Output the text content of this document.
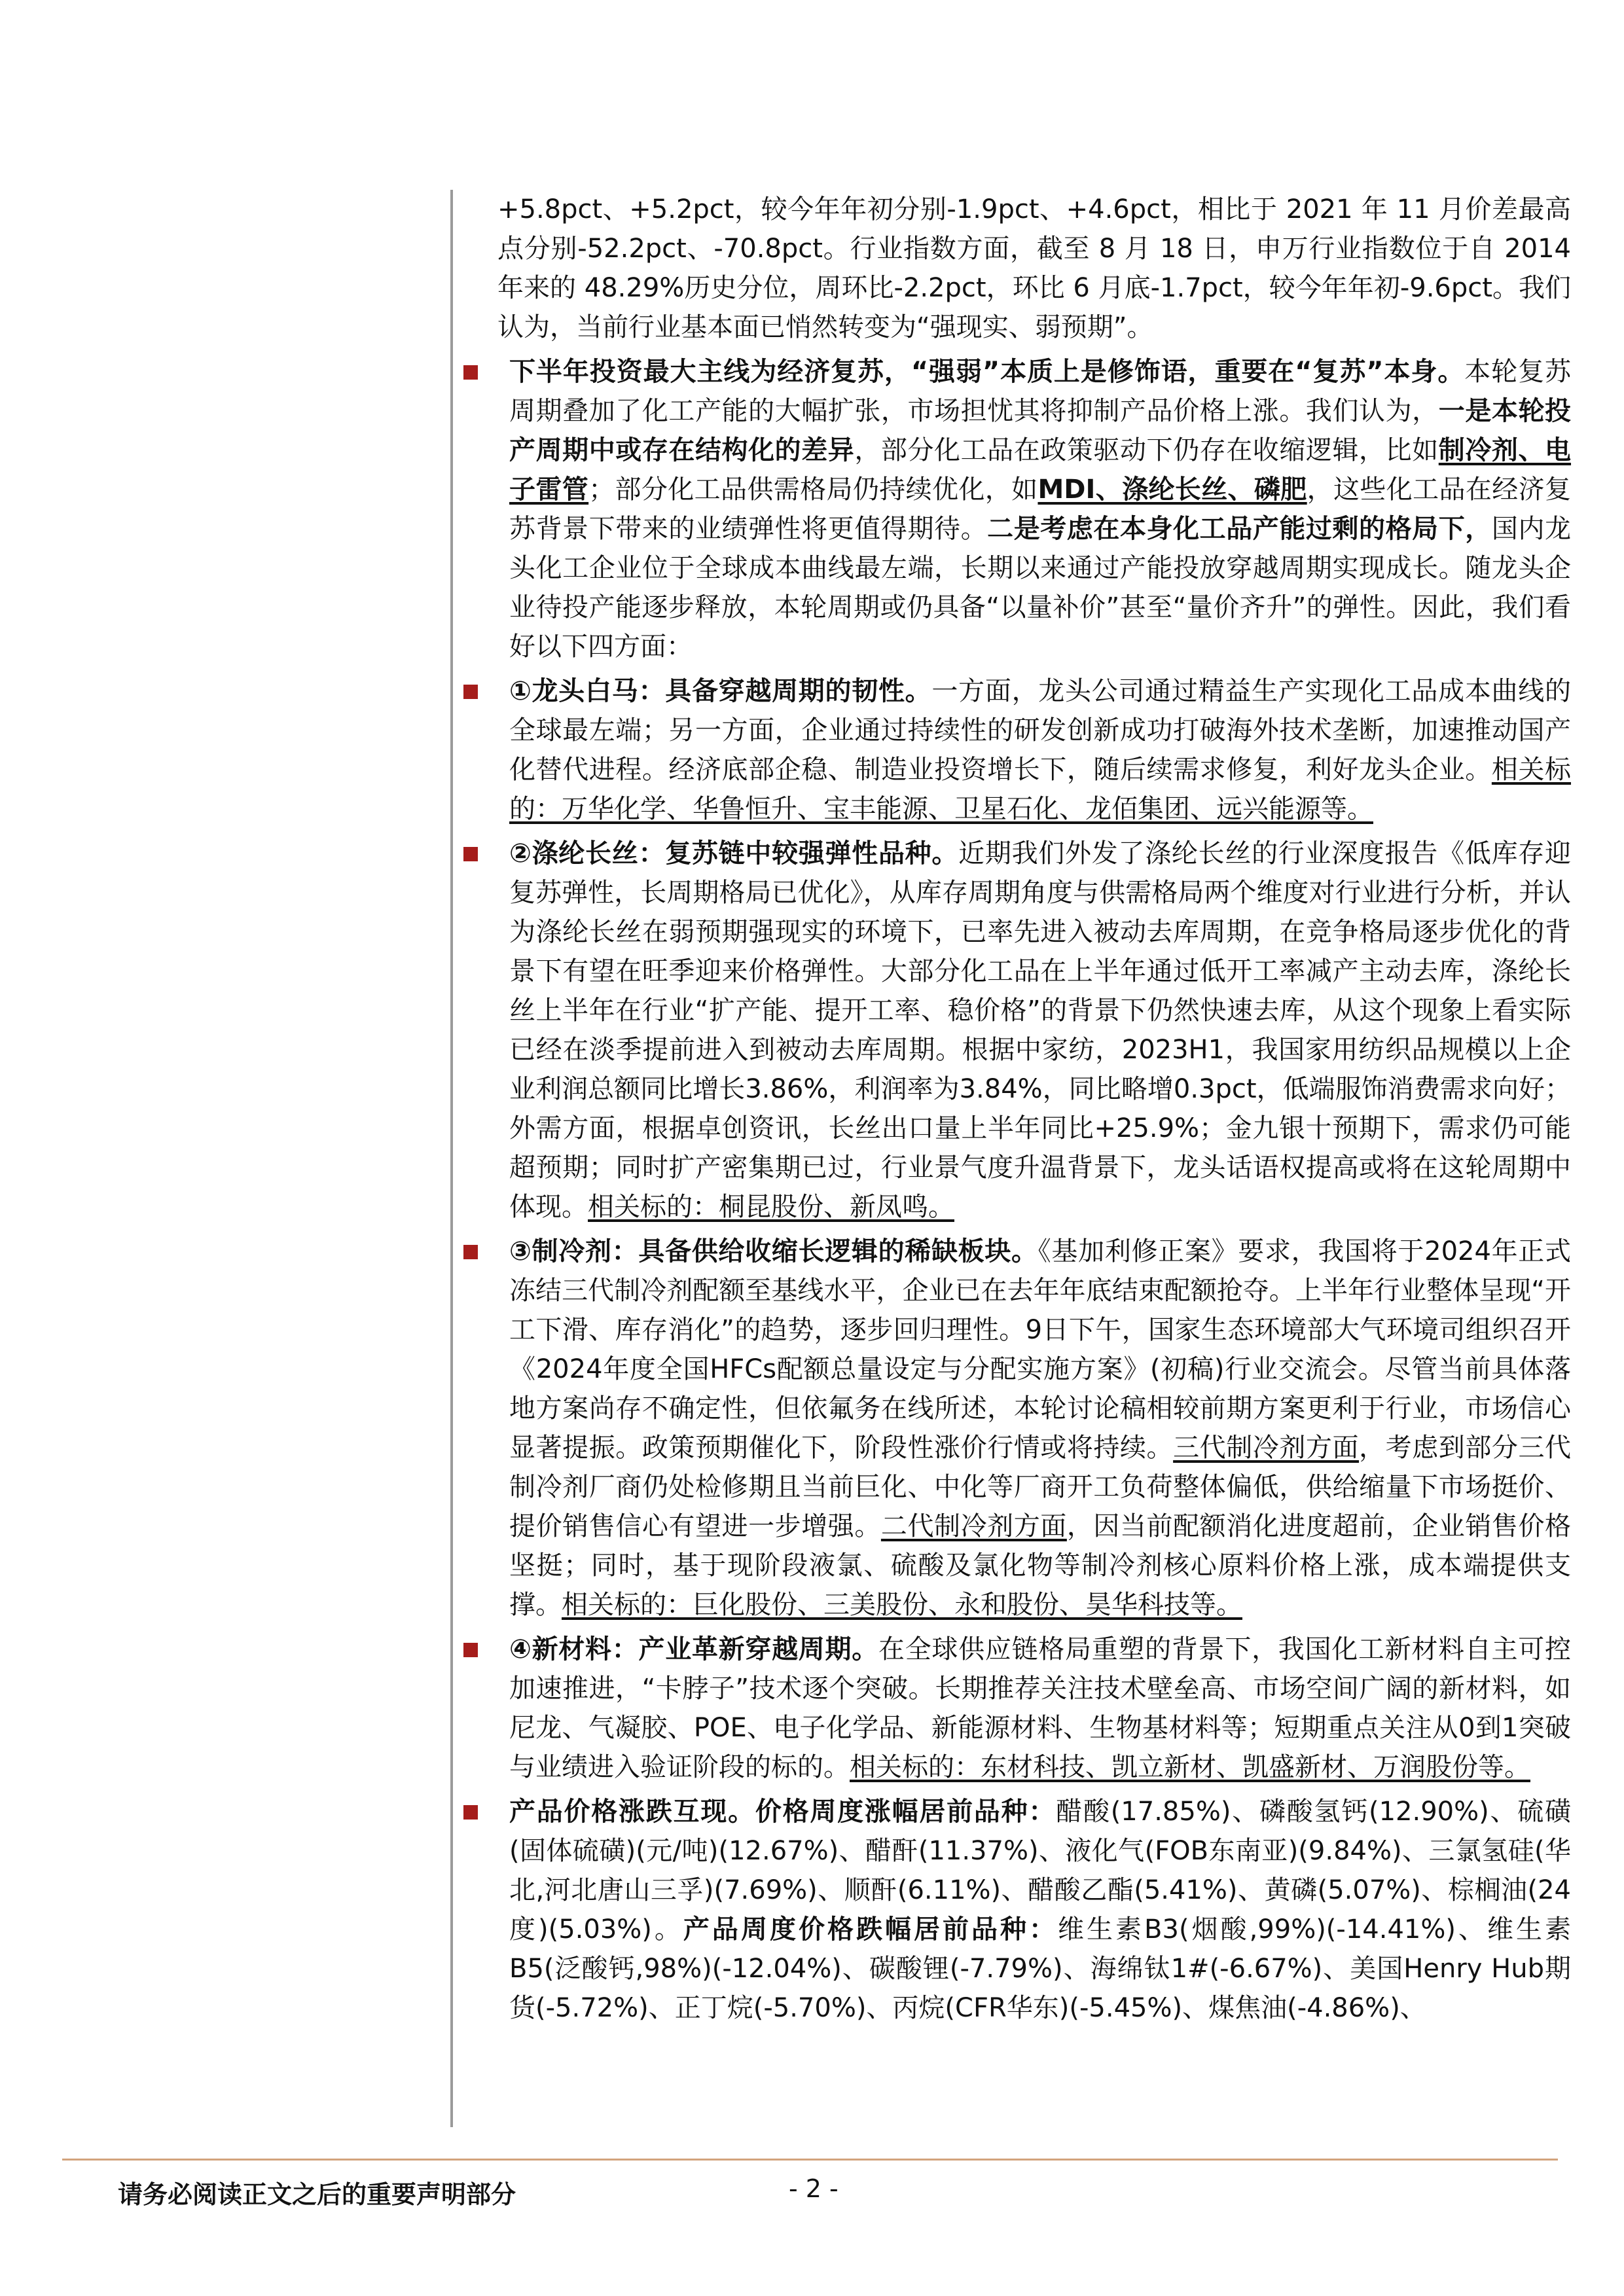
+5.8pct、+5.2pct，较今年年初分别-1.9pct、+4.6pct，相比于 2021 年 11 月价差最高点分别-52.2pct、-70.8pct。行业指数方面，截至 8 月 18 日，申万行业指数位于自 2014 年来的 48.29%历史分位，周环比-2.2pct，环比 6 月底-1.7pct，较今年年初-9.6pct。我们认为，当前行业基本面已悄然转变为“强现实、弱预期”。

下半年投资最大主线为经济复苏，“强弱”本质上是修饰语，重要在“复苏”本身。本轮复苏周期叠加了化工产能的大幅扩张，市场担忧其将抑制产品价格上涨。我们认为，一是本轮投产周期中或存在结构化的差异，部分化工品在政策驱动下仍存在收缩逻辑，比如制冷剂、电子雷管；部分化工品供需格局仍持续优化，如MDI、涤纶长丝、磷肥，这些化工品在经济复苏背景下带来的业绩弹性将更值得期待。二是考虑在本身化工品产能过剩的格局下，国内龙头化工企业位于全球成本曲线最左端，长期以来通过产能投放穿越周期实现成长。随龙头企业待投产能逐步释放，本轮周期或仍具备“以量补价”甚至“量价齐升”的弹性。因此，我们看好以下四方面：

①龙头白马：具备穿越周期的韧性。一方面，龙头公司通过精益生产实现化工品成本曲线的全球最左端；另一方面，企业通过持续性的研发创新成功打破海外技术垄断，加速推动国产化替代进程。经济底部企稳、制造业投资增长下，随后续需求修复，利好龙头企业。相关标的：万华化学、华鲁恒升、宝丰能源、卫星石化、龙佰集团、远兴能源等。

②涤纶长丝：复苏链中较强弹性品种。近期我们外发了涤纶长丝的行业深度报告《低库存迎复苏弹性，长周期格局已优化》，从库存周期角度与供需格局两个维度对行业进行分析，并认为涤纶长丝在弱预期强现实的环境下，已率先进入被动去库周期，在竞争格局逐步优化的背景下有望在旺季迎来价格弹性。大部分化工品在上半年通过低开工率减产主动去库，涤纶长丝上半年在行业“扩产能、提开工率、稳价格”的背景下仍然快速去库，从这个现象上看实际已经在淡季提前进入到被动去库周期。根据中家纺，2023H1，我国家用纺织品规模以上企业利润总额同比增长3.86%，利润率为3.84%，同比略增0.3pct，低端服饰消费需求向好；外需方面，根据卓创资讯，长丝出口量上半年同比+25.9%；金九银十预期下，需求仍可能超预期；同时扩产密集期已过，行业景气度升温背景下，龙头话语权提高或将在这轮周期中体现。相关标的：桐昆股份、新凤鸣。

③制冷剂：具备供给收缩长逻辑的稀缺板块。《基加利修正案》要求，我国将于2024年正式冻结三代制冷剂配额至基线水平，企业已在去年年底结束配额抢夺。上半年行业整体呈现“开工下滑、库存消化”的趋势，逐步回归理性。9日下午，国家生态环境部大气环境司组织召开《2024年度全国HFCs配额总量设定与分配实施方案》(初稿)行业交流会。尽管当前具体落地方案尚存不确定性，但依氟务在线所述，本轮讨论稿相较前期方案更利于行业，市场信心显著提振。政策预期催化下，阶段性涨价行情或将持续。三代制冷剂方面，考虑到部分三代制冷剂厂商仍处检修期且当前巨化、中化等厂商开工负荷整体偏低，供给缩量下市场挺价、提价销售信心有望进一步增强。二代制冷剂方面，因当前配额消化进度超前，企业销售价格坚挺；同时，基于现阶段液氯、硫酸及氯化物等制冷剂核心原料价格上涨，成本端提供支撑。相关标的：巨化股份、三美股份、永和股份、昊华科技等。

④新材料：产业革新穿越周期。在全球供应链格局重塑的背景下，我国化工新材料自主可控加速推进，“卡脖子”技术逐个突破。长期推荐关注技术壁垒高、市场空间广阔的新材料，如尼龙、气凝胶、POE、电子化学品、新能源材料、生物基材料等；短期重点关注从0到1突破与业绩进入验证阶段的标的。相关标的：东材科技、凯立新材、凯盛新材、万润股份等。

产品价格涨跌互现。价格周度涨幅居前品种：醋酸(17.85%)、磷酸氢钙(12.90%)、硫磺(固体硫磺)(元/吨)(12.67%)、醋酐(11.37%)、液化气(FOB东南亚)(9.84%)、三氯氢硅(华北,河北唐山三孚)(7.69%)、顺酐(6.11%)、醋酸乙酯(5.41%)、黄磷(5.07%)、棕榈油(24度)(5.03%)。产品周度价格跌幅居前品种：维生素B3(烟酸,99%)(-14.41%)、维生素B5(泛酸钙,98%)(-12.04%)、碳酸锂(-7.79%)、海绵钛1#(-6.67%)、美国Henry Hub期货(-5.72%)、正丁烷(-5.70%)、丙烷(CFR华东)(-5.45%)、煤焦油(-4.86%)、

请务必阅读正文之后的重要声明部分	- 2 -
